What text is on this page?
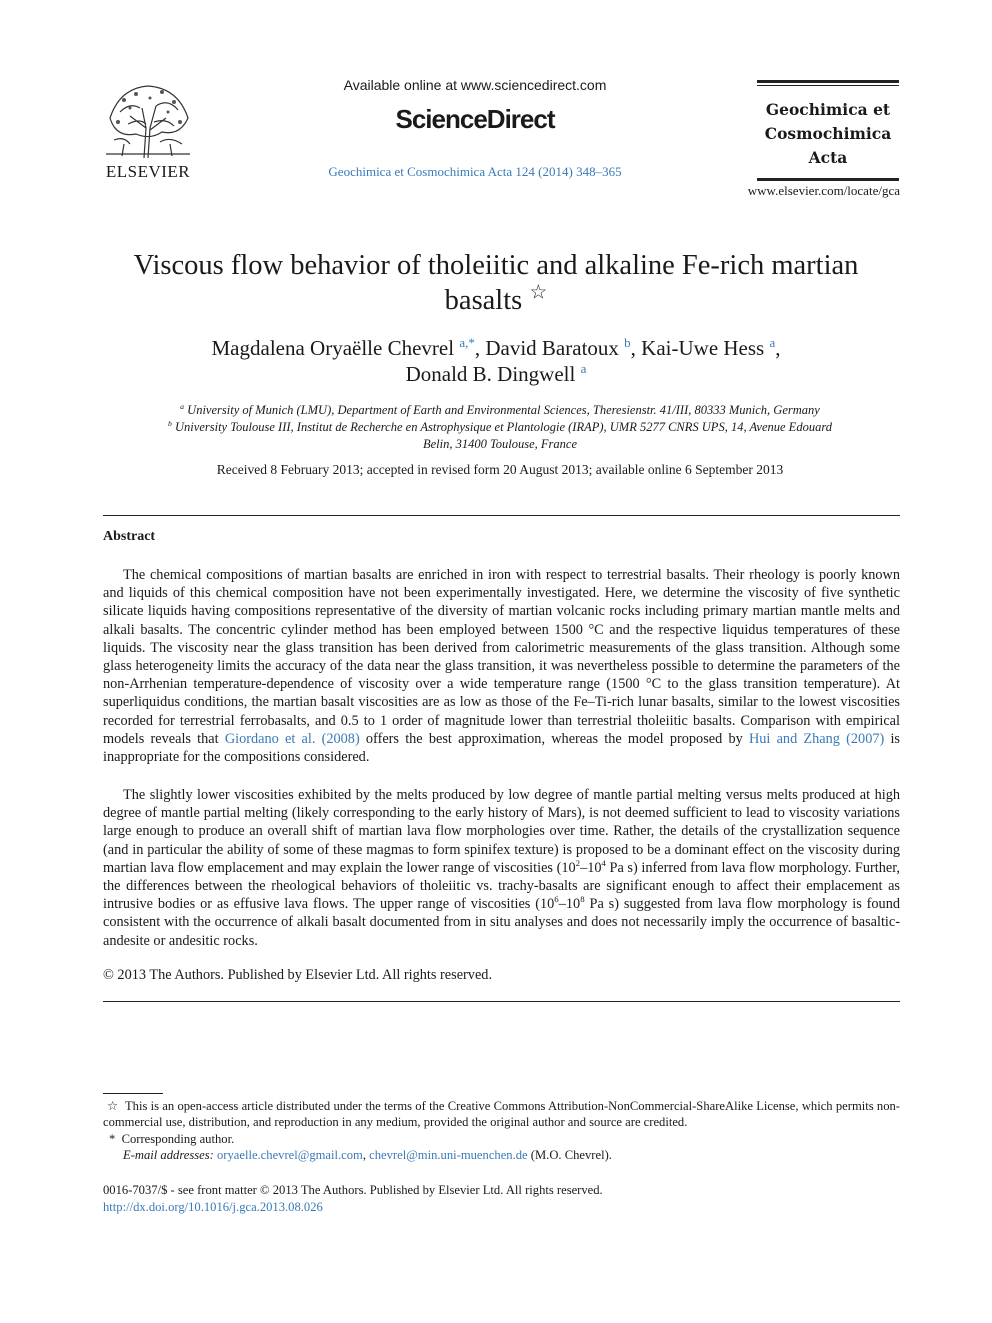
ELSEVIER
Available online at www.sciencedirect.com
ScienceDirect
Geochimica et Cosmochimica Acta 124 (2014) 348–365
Geochimica et
Cosmochimica
Acta
www.elsevier.com/locate/gca
Viscous flow behavior of tholeiitic and alkaline Fe-rich martian
basalts ☆
Magdalena Oryaëlle Chevrel $^{a,*}$, David Baratoux $^b$, Kai-Uwe Hess $^a$,
Donald B. Dingwell $^a$
$^a$ University of Munich (LMU), Department of Earth and Environmental Sciences, Theresienstr. 41/III, 80333 Munich, Germany
$^b$ University Toulouse III, Institut de Recherche en Astrophysique et Plantologie (IRAP), UMR 5277 CNRS UPS, 14, Avenue Edouard
Belin, 31400 Toulouse, France
Received 8 February 2013; accepted in revised form 20 August 2013; available online 6 September 2013
Abstract
The chemical compositions of martian basalts are enriched in iron with respect to terrestrial basalts. Their rheology is poorly known and liquids of this chemical composition have not been experimentally investigated. Here, we determine the viscosity of five synthetic silicate liquids having compositions representative of the diversity of martian volcanic rocks including primary martian mantle melts and alkali basalts. The concentric cylinder method has been employed between 1500 °C and the respective liquidus temperatures of these liquids. The viscosity near the glass transition has been derived from calorimetric measurements of the glass transition. Although some glass heterogeneity limits the accuracy of the data near the glass transition, it was nevertheless possible to determine the parameters of the non-Arrhenian temperature-dependence of viscosity over a wide temperature range (1500 °C to the glass transition temperature). At superliquidus conditions, the martian basalt viscosities are as low as those of the Fe–Ti-rich lunar basalts, similar to the lowest viscosities recorded for terrestrial ferrobasalts, and 0.5 to 1 order of magnitude lower than terrestrial tholeiitic basalts. Comparison with empirical models reveals that Giordano et al. (2008) offers the best approximation, whereas the model proposed by Hui and Zhang (2007) is inappropriate for the compositions considered.
The slightly lower viscosities exhibited by the melts produced by low degree of mantle partial melting versus melts produced at high degree of mantle partial melting (likely corresponding to the early history of Mars), is not deemed sufficient to lead to viscosity variations large enough to produce an overall shift of martian lava flow morphologies over time. Rather, the details of the crystallization sequence (and in particular the ability of some of these magmas to form spinifex texture) is proposed to be a dominant effect on the viscosity during martian lava flow emplacement and may explain the lower range of viscosities ($10^2-10^4$ Pa s) inferred from lava flow morphology. Further, the differences between the rheological behaviors of tholeiitic vs. trachy-basalts are significant enough to affect their emplacement as intrusive bodies or as effusive lava flows. The upper range of viscosities ($10^6-10^8$ Pa s) suggested from lava flow morphology is found consistent with the occurrence of alkali basalt documented from in situ analyses and does not necessarily imply the occurrence of basaltic-andesite or andesitic rocks.
© 2013 The Authors. Published by Elsevier Ltd. All rights reserved.
☆ This is an open-access article distributed under the terms of the Creative Commons Attribution-NonCommercial-ShareAlike License, which permits non-commercial use, distribution, and reproduction in any medium, provided the original author and source are credited.
* Corresponding author.
E-mail addresses: oryaelle.chevrel@gmail.com, chevrel@min.uni-muenchen.de (M.O. Chevrel).
0016-7037/$ - see front matter © 2013 The Authors. Published by Elsevier Ltd. All rights reserved.
http://dx.doi.org/10.1016/j.gca.2013.08.026
